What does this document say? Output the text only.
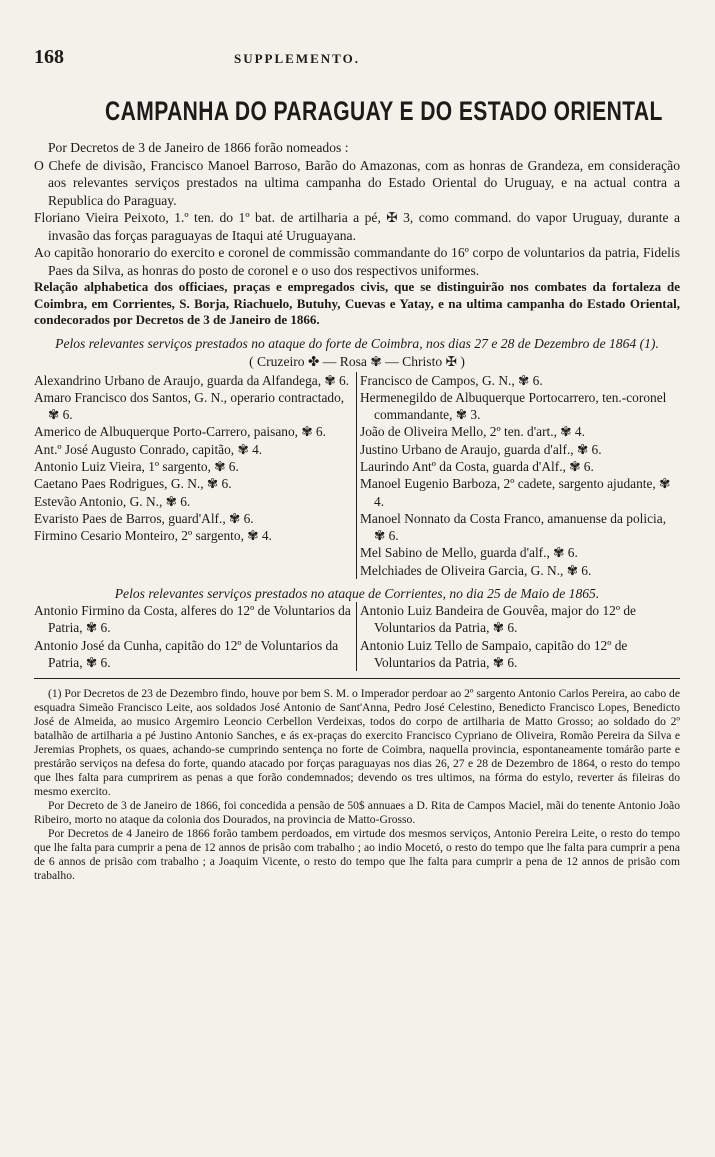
168	SUPPLEMENTO.
CAMPANHA DO PARAGUAY E DO ESTADO ORIENTAL

Por Decretos de 3 de Janeiro de 1866 forão nomeados :

O Chefe de divisão, Francisco Manoel Barroso, Barão do Amazonas, com as honras de Grandeza, em consideração aos relevantes serviços prestados na ultima campanha do Estado Oriental do Uruguay, e na actual contra a Republica do Paraguay.

Floriano Vieira Peixoto, 1.º ten. do 1º bat. de artilharia a pé, ✠ 3, como command. do vapor Uruguay, durante a invasão das forças paraguayas de Itaqui até Uruguayana.

Ao capitão honorario do exercito e coronel de commissão commandante do 16º corpo de voluntarios da patria, Fidelis Paes da Silva, as honras do posto de coronel e o uso dos respectivos uniformes.

Relação alphabetica dos officiaes, praças e empregados civis, que se distinguirão nos combates da fortaleza de Coimbra, em Corrientes, S. Borja, Riachuelo, Butuhy, Cuevas e Yatay, e na ultima campanha do Estado Oriental, condecorados por Decretos de 3 de Janeiro de 1866.

Pelos relevantes serviços prestados no ataque do forte de Coimbra, nos dias 27 e 28 de Dezembro de 1864 (1).

( Cruzeiro ✤ — Rosa ✾ — Christo ✠ )

Alexandrino Urbano de Araujo, guarda da Alfandega, ✾ 6.

Amaro Francisco dos Santos, G. N., operario contractado, ✾ 6.

Americo de Albuquerque Porto-Carrero, paisano, ✾ 6.

Ant.º José Augusto Conrado, capitão, ✾ 4.

Antonio Luiz Vieira, 1º sargento, ✾ 6.

Caetano Paes Rodrigues, G. N., ✾ 6.

Estevão Antonio, G. N., ✾ 6.

Evaristo Paes de Barros, guard'Alf., ✾ 6.

Firmino Cesario Monteiro, 2º sargento, ✾ 4.

Francisco de Campos, G. N., ✾ 6.

Hermenegildo de Albuquerque Portocarrero, ten.-coronel commandante, ✾ 3.

João de Oliveira Mello, 2º ten. d'art., ✾ 4.

Justino Urbano de Araujo, guarda d'alf., ✾ 6.

Laurindo Antº da Costa, guarda d'Alf., ✾ 6.

Manoel Eugenio Barboza, 2º cadete, sargento ajudante, ✾ 4.

Manoel Nonnato da Costa Franco, amanuense da policia, ✾ 6.

Mel Sabino de Mello, guarda d'alf., ✾ 6.

Melchiades de Oliveira Garcia, G. N., ✾ 6.

Pelos relevantes serviços prestados no ataque de Corrientes, no dia 25 de Maio de 1865.

Antonio Firmino da Costa, alferes do 12º de Voluntarios da Patria, ✾ 6.

Antonio José da Cunha, capitão do 12º de Voluntarios da Patria, ✾ 6.

Antonio Luiz Bandeira de Gouvêa, major do 12º de Voluntarios da Patria, ✾ 6.

Antonio Luiz Tello de Sampaio, capitão do 12º de Voluntarios da Patria, ✾ 6.

(1) Por Decretos de 23 de Dezembro findo, houve por bem S. M. o Imperador perdoar ao 2º sargento Antonio Carlos Pereira, ao cabo de esquadra Simeão Francisco Leite, aos soldados José Antonio de Sant'Anna, Pedro José Celestino, Benedicto Francisco Lopes, Benedicto José de Almeida, ao musico Argemiro Leoncio Cerbellon Verdeixas, todos do corpo de artilharia de Matto Grosso; ao soldado do 2º batalhão de artilharia a pé Justino Antonio Sanches, e ás ex-praças do exercito Francisco Cypriano de Oliveira, Romão Pereira da Silva e Jeremias Prophets, os quaes, achando-se cumprindo sentença no forte de Coimbra, naquella provincia, espontaneamente tomárão parte e prestárão serviços na defesa do forte, quando atacado por forças paraguayas nos dias 26, 27 e 28 de Dezembro de 1864, o resto do tempo que lhes falta para cumprirem as penas a que forão condemnados; devendo os tres ultimos, na fórma do estylo, reverter ás fileiras do mesmo exercito.

Por Decreto de 3 de Janeiro de 1866, foi concedida a pensão de 50$ annuaes a D. Rita de Campos Maciel, mãi do tenente Antonio João Ribeiro, morto no ataque da colonia dos Dourados, na provincia de Matto-Grosso.

Por Decretos de 4 Janeiro de 1866 forão tambem perdoados, em virtude dos mesmos serviços, Antonio Pereira Leite, o resto do tempo que lhe falta para cumprir a pena de 12 annos de prisão com trabalho ; ao indio Mocetó, o resto do tempo que lhe falta para cumprir a pena de 6 annos de prisão com trabalho ; a Joaquim Vicente, o resto do tempo que lhe falta para cumprir a pena de 12 annos de prisão com trabalho.
